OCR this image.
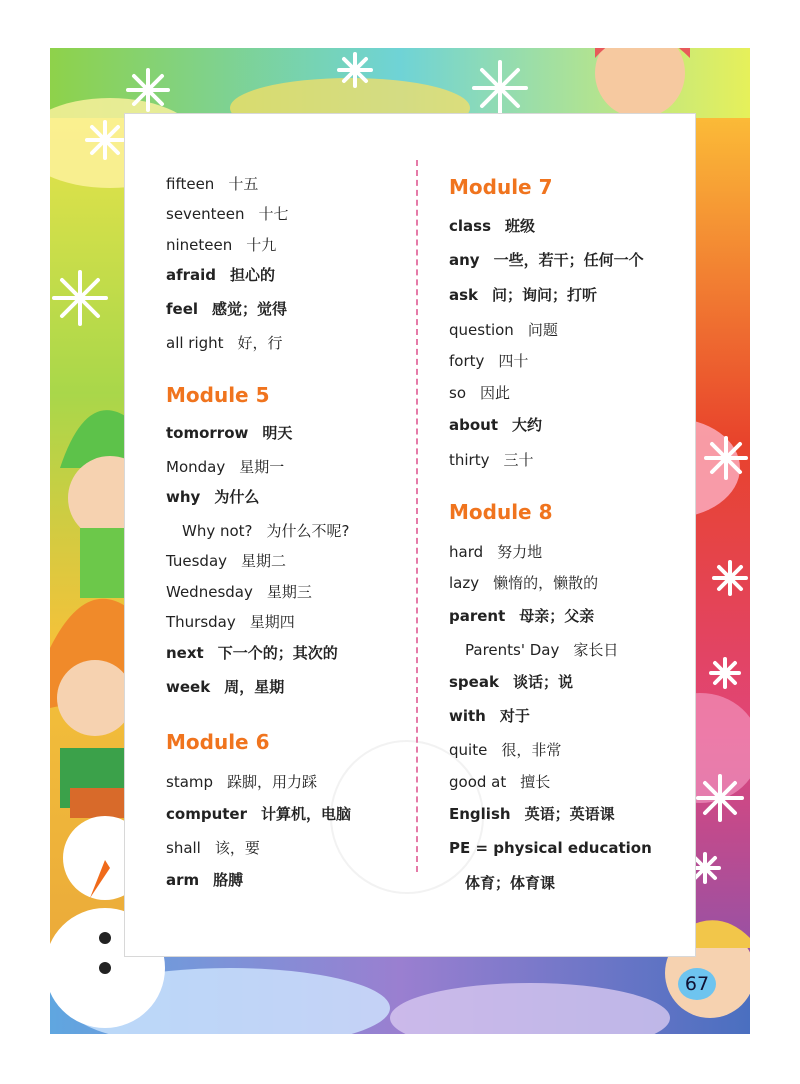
fifteen 十五
seventeen 十七
nineteen 十九
afraid 担心的
feel 感觉；觉得
all right 好，行
Module 5
tomorrow 明天
Monday 星期一
why 为什么
Why not? 为什么不呢?
Tuesday 星期二
Wednesday 星期三
Thursday 星期四
next 下一个的；其次的
week 周，星期
Module 6
stamp 跺脚，用力踩
computer 计算机，电脑
shall 该，要
arm 胳膊
Module 7
class 班级
any 一些，若干；任何一个
ask 问；询问；打听
question 问题
forty 四十
so 因此
about 大约
thirty 三十
Module 8
hard 努力地
lazy 懒惰的，懒散的
parent 母亲；父亲
Parents' Day 家长日
speak 谈话；说
with 对于
quite 很，非常
good at 擅长
English 英语；英语课
PE = physical education
体育；体育课
67
